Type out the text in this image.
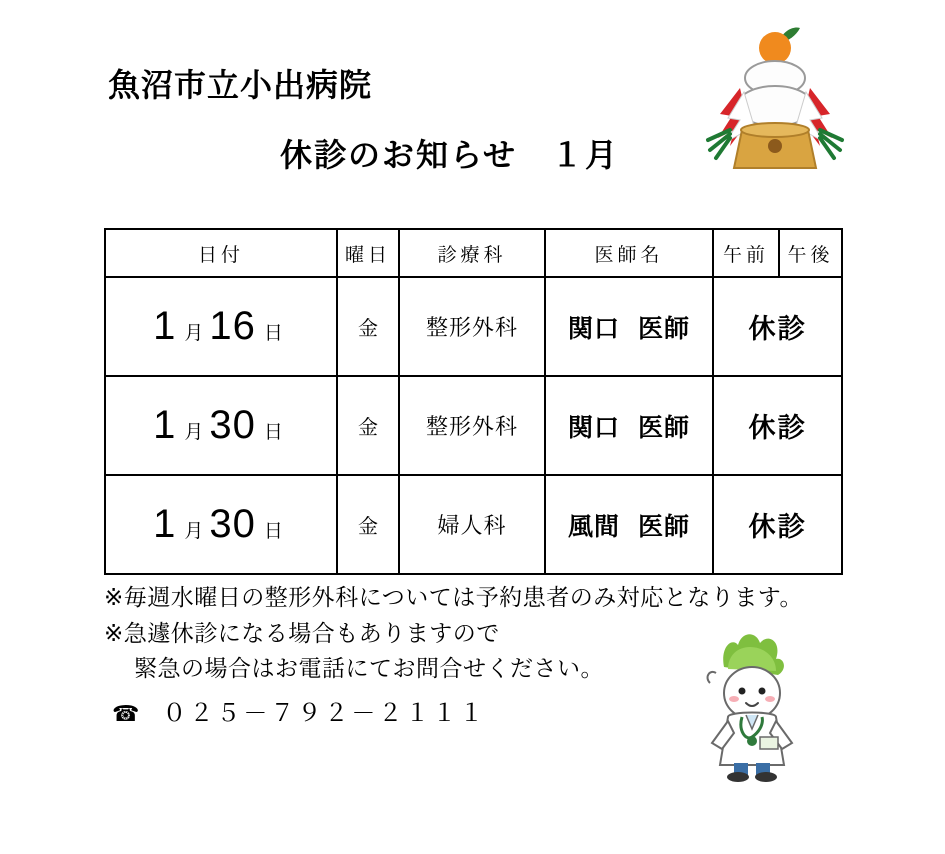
魚沼市立小出病院
休診のお知らせ　１月
日付	曜日	診療科	医師名	午前	午後
1 月 16 日	金	整形外科	関口 医師	休診	
1 月 30 日	金	整形外科	関口 医師	休診	
1 月 30 日	金	婦人科	風間 医師	休診	
※毎週水曜日の整形外科については予約患者のみ対応となります。
※急遽休診になる場合もありますので
緊急の場合はお電話にてお問合せください。
☎ ０２５－７９２－２１１１
